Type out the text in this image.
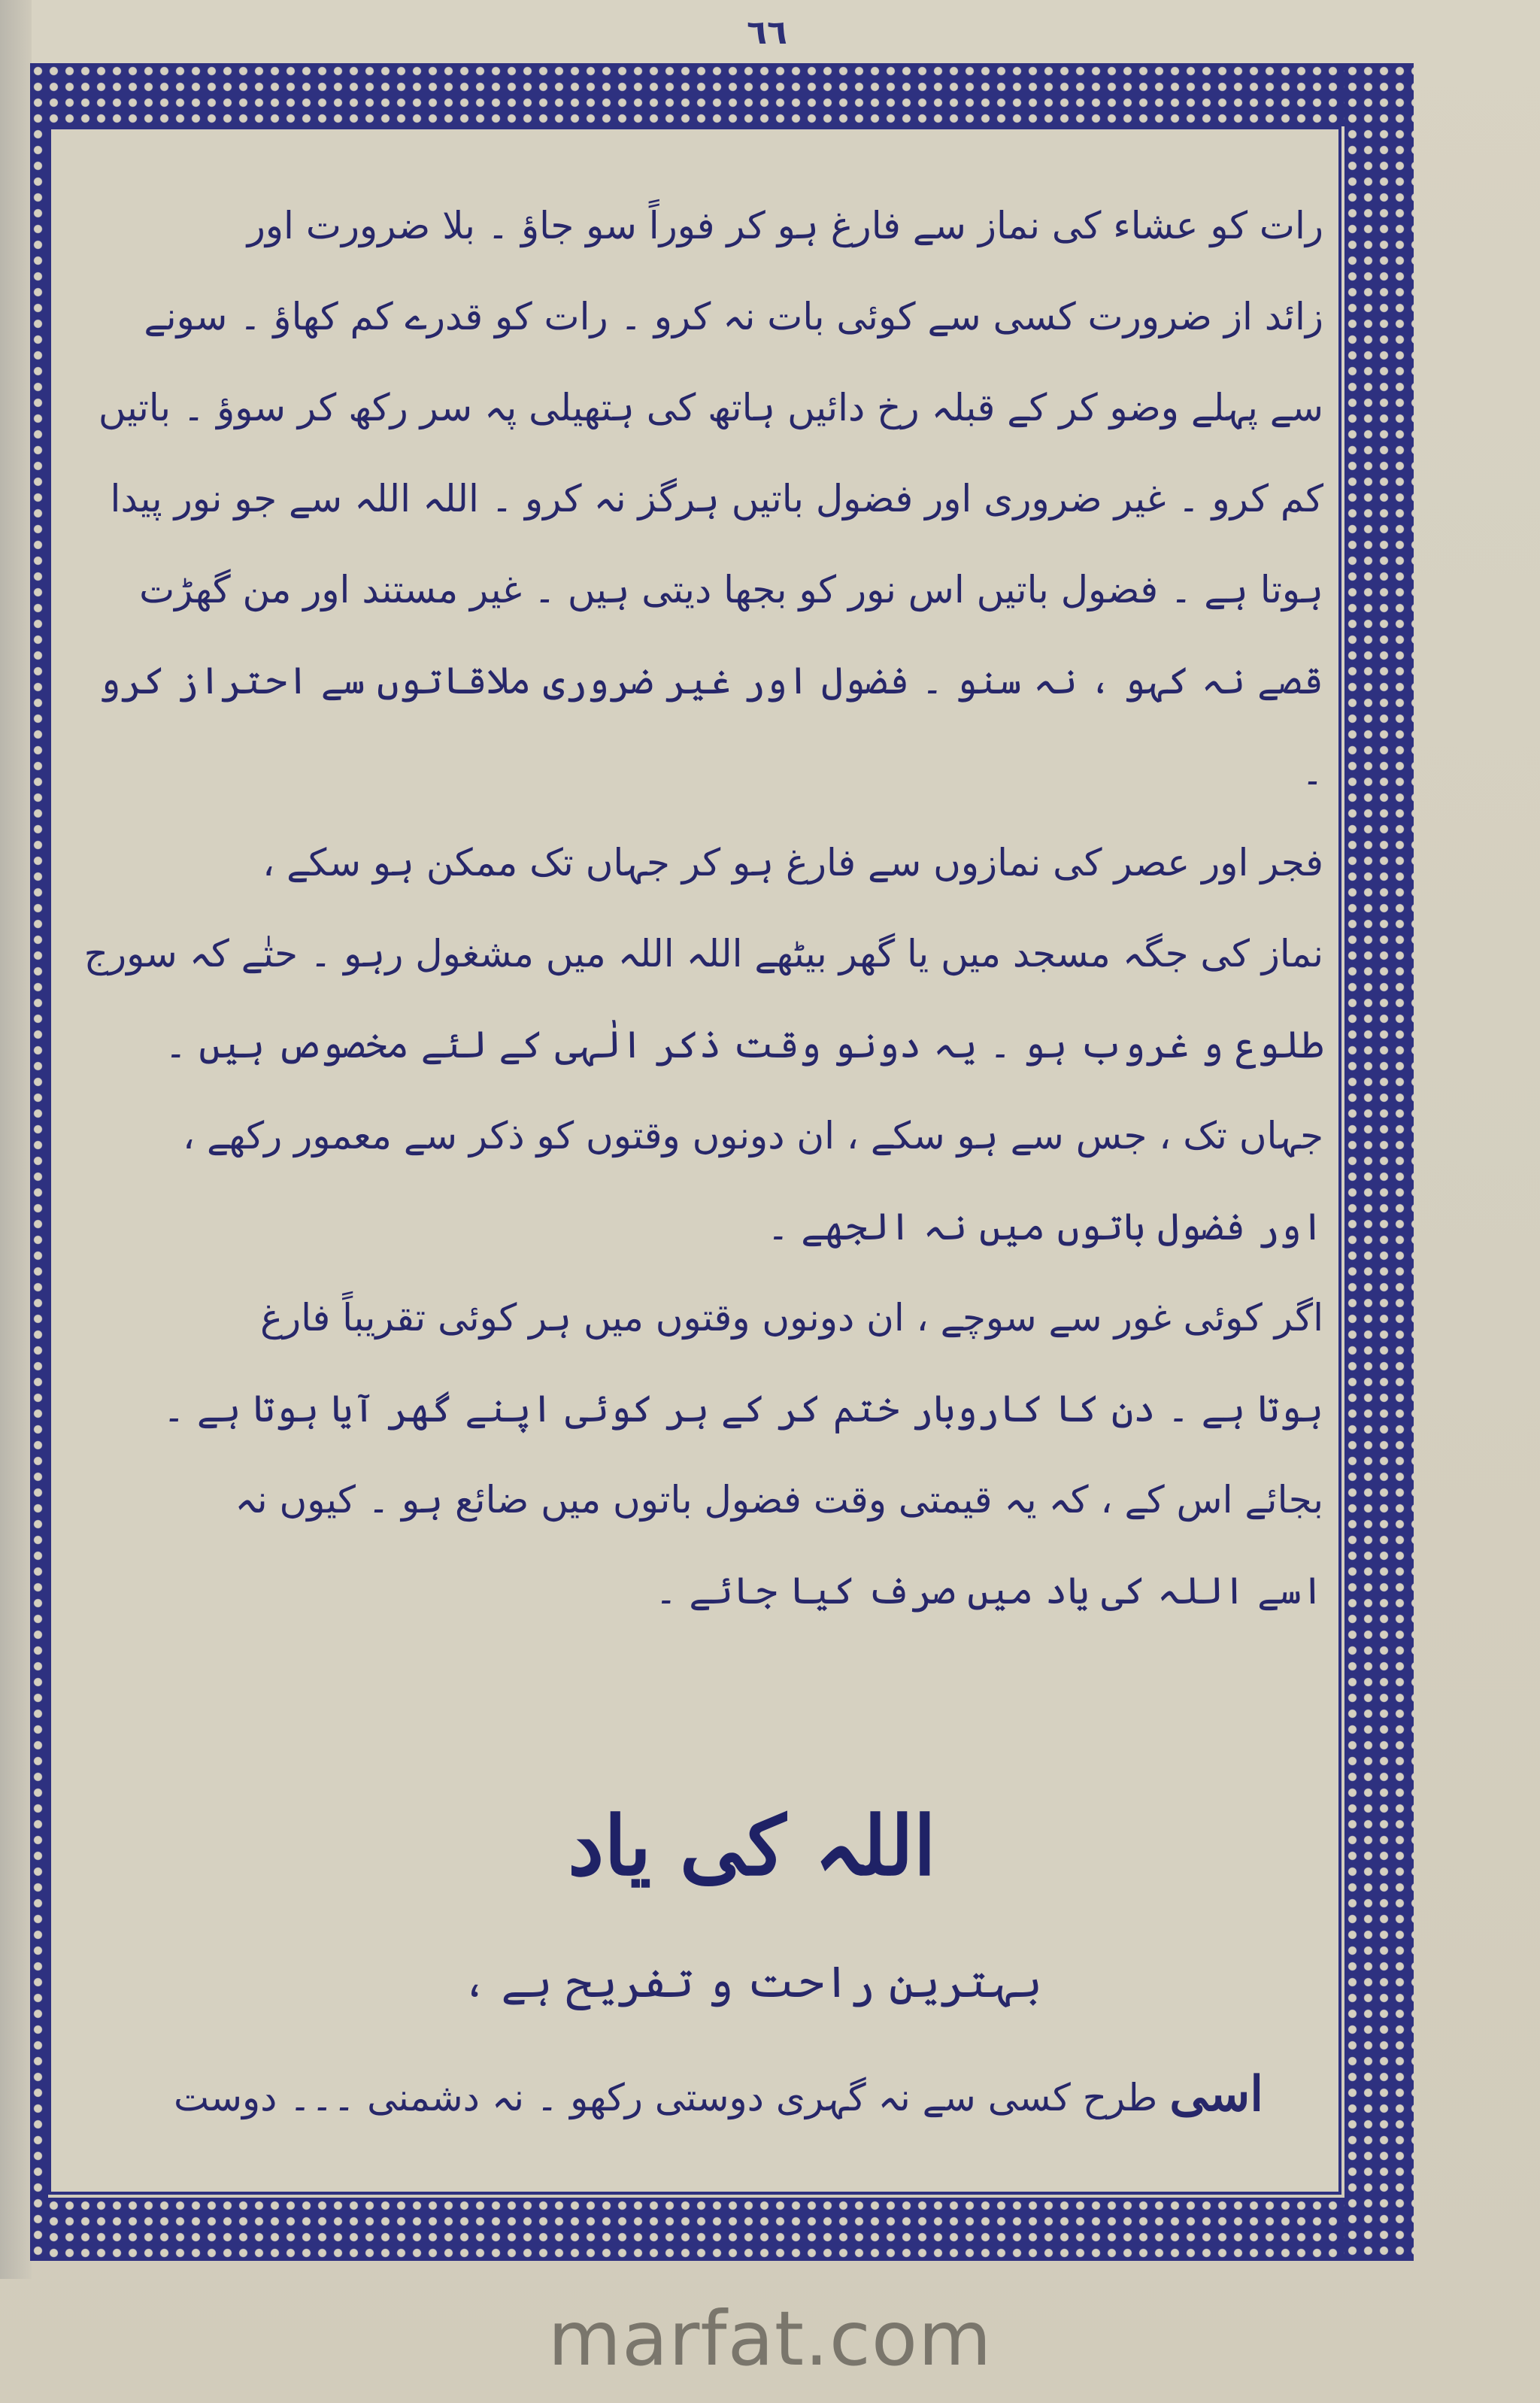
٦٦

رات کو عشاء کی نماز سے فارغ ہو کر فوراً سو جاؤ ۔ بلا ضرورت اور

زائد از ضرورت کسی سے کوئی بات نہ کرو ۔ رات کو قدرے کم کھاؤ ۔ سونے

سے پہلے وضو کر کے قبلہ رخ دائیں ہاتھ کی ہتھیلی پہ سر رکھ کر سوؤ ۔ باتیں

کم کرو ۔ غیر ضروری اور فضول باتیں ہرگز نہ کرو ۔ اللہ اللہ سے جو نور پیدا

ہوتا ہے ۔ فضول باتیں اس نور کو بجھا دیتی ہیں ۔ غیر مستند اور من گھڑت

قصے نہ کہو ، نہ سنو ۔ فضول اور غیر ضروری ملاقاتوں سے احتراز کرو ۔

فجر اور عصر کی نمازوں سے فارغ ہو کر جہاں تک ممکن ہو سکے ،

نماز کی جگہ مسجد میں یا گھر بیٹھے اللہ اللہ میں مشغول رہو ۔ حتٰے کہ سورج

طلوع و غروب ہو ۔ یہ دونو وقت ذکر الٰہی کے لئے مخصوص ہیں ۔

جہاں تک ، جس سے ہو سکے ، ان دونوں وقتوں کو ذکر سے معمور رکھے ،

اور فضول باتوں میں نہ الجھے ۔

اگر کوئی غور سے سوچے ، ان دونوں وقتوں میں ہر کوئی تقریباً فارغ

ہوتا ہے ۔ دن کا کاروبار ختم کر کے ہر کوئی اپنے گھر آیا ہوتا ہے ۔

بجائے اس کے ، کہ یہ قیمتی وقت فضول باتوں میں ضائع ہو ۔ کیوں نہ

اسے اللہ کی یاد میں صرف کیا جائے ۔

اللہ کی یاد
بہترین راحت و تفریح ہے ،
اسی طرح کسی سے نہ گہری دوستی رکھو ۔ نہ دشمنی ۔۔۔ دوست
marfat.com
